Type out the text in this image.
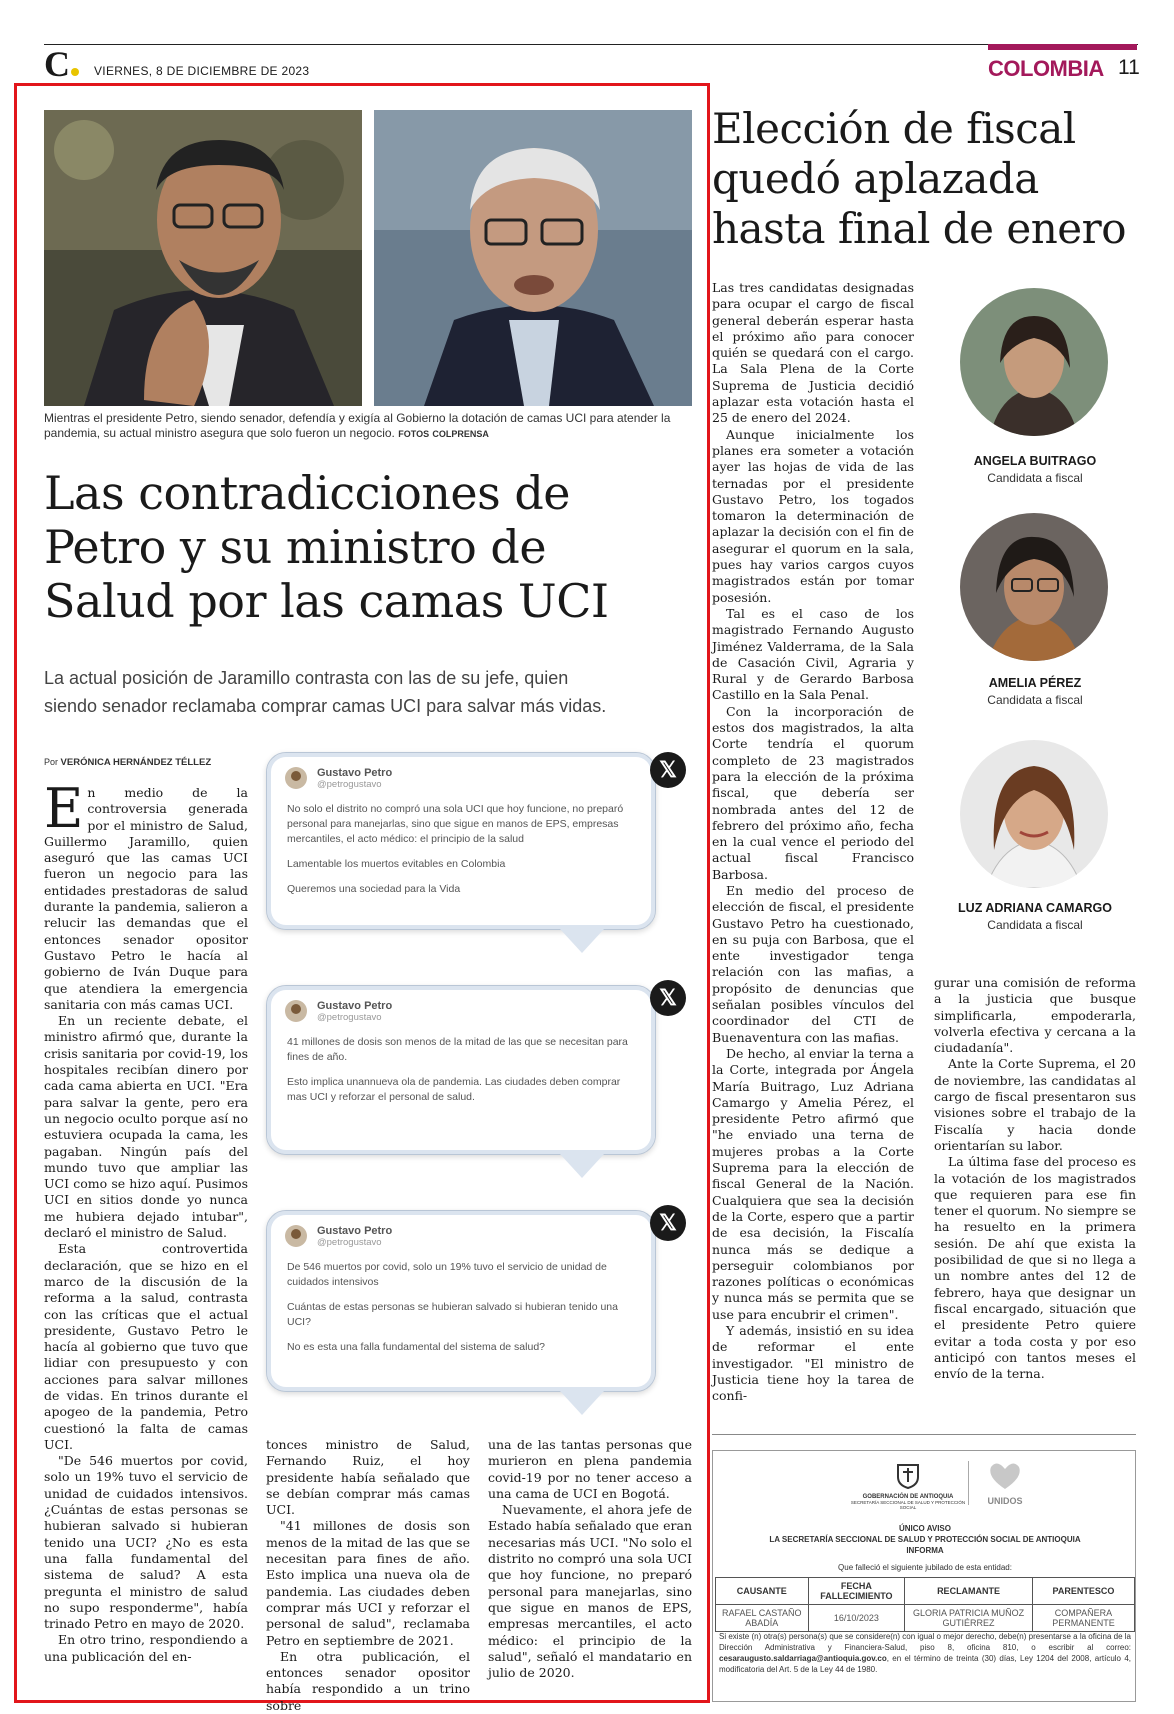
C	VIERNES, 8 DE DICIEMBRE DE 2023	COLOMBIA 11
Mientras el presidente Petro, siendo senador, defendía y exigía al Gobierno la dotación de camas UCI para atender la pandemia, su actual ministro asegura que solo fueron un negocio. FOTOS COLPRENSA
Las contradicciones de
Petro y su ministro de
Salud por las camas UCI
La actual posición de Jaramillo contrasta con las de su jefe, quien
siendo senador reclamaba comprar camas UCI para salvar más vidas.
Por VERÓNICA HERNÁNDEZ TÉLLEZ
E n medio de la controversia generada por el ministro de Salud, Guillermo Jaramillo, quien aseguró que las camas UCI fueron un negocio para las entidades prestadoras de salud durante la pandemia, salieron a relucir las demandas que el entonces senador opositor Gustavo Petro le hacía al gobierno de Iván Duque para que atendiera la emergencia sanitaria con más camas UCI.

En un reciente debate, el ministro afirmó que, durante la crisis sanitaria por covid-19, los hospitales recibían dinero por cada cama abierta en UCI. "Era para salvar la gente, pero era un negocio oculto porque así no estuviera ocupada la cama, les pagaban. Ningún país del mundo tuvo que ampliar las UCI como se hizo aquí. Pusimos UCI en sitios donde yo nunca me hubiera dejado intubar", declaró el ministro de Salud.

Esta controvertida declaración, que se hizo en el marco de la discusión de la reforma a la salud, contrasta con las críticas que el actual presidente, Gustavo Petro le hacía al gobierno que tuvo que lidiar con presupuesto y con acciones para salvar millones de vidas. En trinos durante el apogeo de la pandemia, Petro cuestionó la falta de camas UCI.

"De 546 muertos por covid, solo un 19% tuvo el servicio de unidad de cuidados intensivos. ¿Cuántas de estas personas se hubieran salvado si hubieran tenido una UCI? ¿No es esta una falla fundamental del sistema de salud? A esta pregunta el ministro de salud no supo responderme", había trinado Petro en mayo de 2020.

En otro trino, respondiendo a una publicación del en-

Gustavo Petro
@petrogustavo

No solo el distrito no compró una sola UCI que hoy funcione, no preparó personal para manejarlas, sino que sigue en manos de EPS, empresas mercantiles, el acto médico: el principio de la salud

Lamentable los muertos evitables en Colombia

Queremos una sociedad para la Vida

𝕏
Gustavo Petro
@petrogustavo

41 millones de dosis son menos de la mitad de las que se necesitan para fines de año.

Esto implica unannueva ola de pandemia. Las ciudades deben comprar mas UCI y reforzar el personal de salud.

𝕏
Gustavo Petro
@petrogustavo

De 546 muertos por covid, solo un 19% tuvo el servicio de unidad de cuidados intensivos

Cuántas de estas personas se hubieran salvado si hubieran tenido una UCI?

No es esta una falla fundamental del sistema de salud?

𝕏

tonces ministro de Salud, Fernando Ruiz, el hoy presidente había señalado que se debían comprar más camas UCI.

"41 millones de dosis son menos de la mitad de las que se necesitan para fines de año. Esto implica una nueva ola de pandemia. Las ciudades deben comprar más UCI y reforzar el personal de salud", reclamaba Petro en septiembre de 2021.

En otra publicación, el entonces senador opositor había respondido a un trino sobre

una de las tantas personas que murieron en plena pandemia covid-19 por no tener acceso a una cama de UCI en Bogotá.

Nuevamente, el ahora jefe de Estado había señalado que eran necesarias más UCI. "No solo el distrito no compró una sola UCI que hoy funcione, no preparó personal para manejarlas, sino que sigue en manos de EPS, empresas mercantiles, el acto médico: el principio de la salud", señaló el mandatario en julio de 2020.

Elección de fiscal
quedó aplazada
hasta final de enero

Las tres candidatas designadas para ocupar el cargo de fiscal general deberán esperar hasta el próximo año para conocer quién se quedará con el cargo. La Sala Plena de la Corte Suprema de Justicia decidió aplazar esta votación hasta el 25 de enero del 2024.

Aunque inicialmente los planes era someter a votación ayer las hojas de vida de las ternadas por el presidente Gustavo Petro, los togados tomaron la determinación de aplazar la decisión con el fin de asegurar el quorum en la sala, pues hay varios cargos cuyos magistrados están por tomar posesión.

Tal es el caso de los magistrado Fernando Augusto Jiménez Valderrama, de la Sala de Casación Civil, Agraria y Rural y de Gerardo Barbosa Castillo en la Sala Penal.

Con la incorporación de estos dos magistrados, la alta Corte tendría el quorum completo de 23 magistrados para la elección de la próxima fiscal, que debería ser nombrada antes del 12 de febrero del próximo año, fecha en la cual vence el periodo del actual fiscal Francisco Barbosa.

En medio del proceso de elección de fiscal, el presidente Gustavo Petro ha cuestionado, en su puja con Barbosa, que el ente investigador tenga relación con las mafias, a propósito de denuncias que señalan posibles vínculos del coordinador del CTI de Buenaventura con las mafias.

De hecho, al enviar la terna a la Corte, integrada por Ángela María Buitrago, Luz Adriana Camargo y Amelia Pérez, el presidente Petro afirmó que "he enviado una terna de mujeres probas a la Corte Suprema para la elección de fiscal General de la Nación. Cualquiera que sea la decisión de la Corte, espero que a partir de esa decisión, la Fiscalía nunca más se dedique a perseguir colombianos por razones políticas o económicas y nunca más se permita que se use para encubrir el crimen".

Y además, insistió en su idea de reformar el ente investigador. "El ministro de Justicia tiene hoy la tarea de confi-

ANGELA BUITRAGO
Candidata a fiscal
AMELIA PÉREZ
Candidata a fiscal
LUZ ADRIANA CAMARGO
Candidata a fiscal

gurar una comisión de reforma a la justicia que busque simplificarla, empoderarla, volverla efectiva y cercana a la ciudadanía".

Ante la Corte Suprema, el 20 de noviembre, las candidatas al cargo de fiscal presentaron sus visiones sobre el trabajo de la Fiscalía y hacia donde orientarían su labor.

La última fase del proceso es la votación de los magistrados que requieren para ese fin tener el quorum. No siempre se ha resuelto en la primera sesión. De ahí que exista la posibilidad de que si no llega a un nombre antes del 12 de febrero, haya que designar un fiscal encargado, situación que el presidente Petro quiere evitar a toda costa y por eso anticipó con tantos meses el envío de la terna.

GOBERNACIÓN DE ANTIOQUIA
SECRETARÍA SECCIONAL DE SALUD Y PROTECCIÓN SOCIAL
UNIDOS
ÚNICO AVISO
LA SECRETARÍA SECCIONAL DE SALUD Y PROTECCIÓN SOCIAL DE ANTIOQUIA
INFORMA
Que falleció el siguiente jubilado de esta entidad:
CAUSANTE	FECHA FALLECIMIENTO	RECLAMANTE	PARENTESCO
RAFAEL CASTAÑO ABADÍA	16/10/2023	GLORIA PATRICIA MUÑOZ GUTIÉRREZ	COMPAÑERA PERMANENTE
Si existe (n) otra(s) persona(s) que se considere(n) con igual o mejor derecho, debe(n) presentarse a la oficina de la Dirección Administrativa y Financiera-Salud, piso 8, oficina 810, o escribir al correo: cesaraugusto.saldarriaga@antioquia.gov.co, en el término de treinta (30) días, Ley 1204 del 2008, artículo 4, modificatoria del Art. 5 de la Ley 44 de 1980.
